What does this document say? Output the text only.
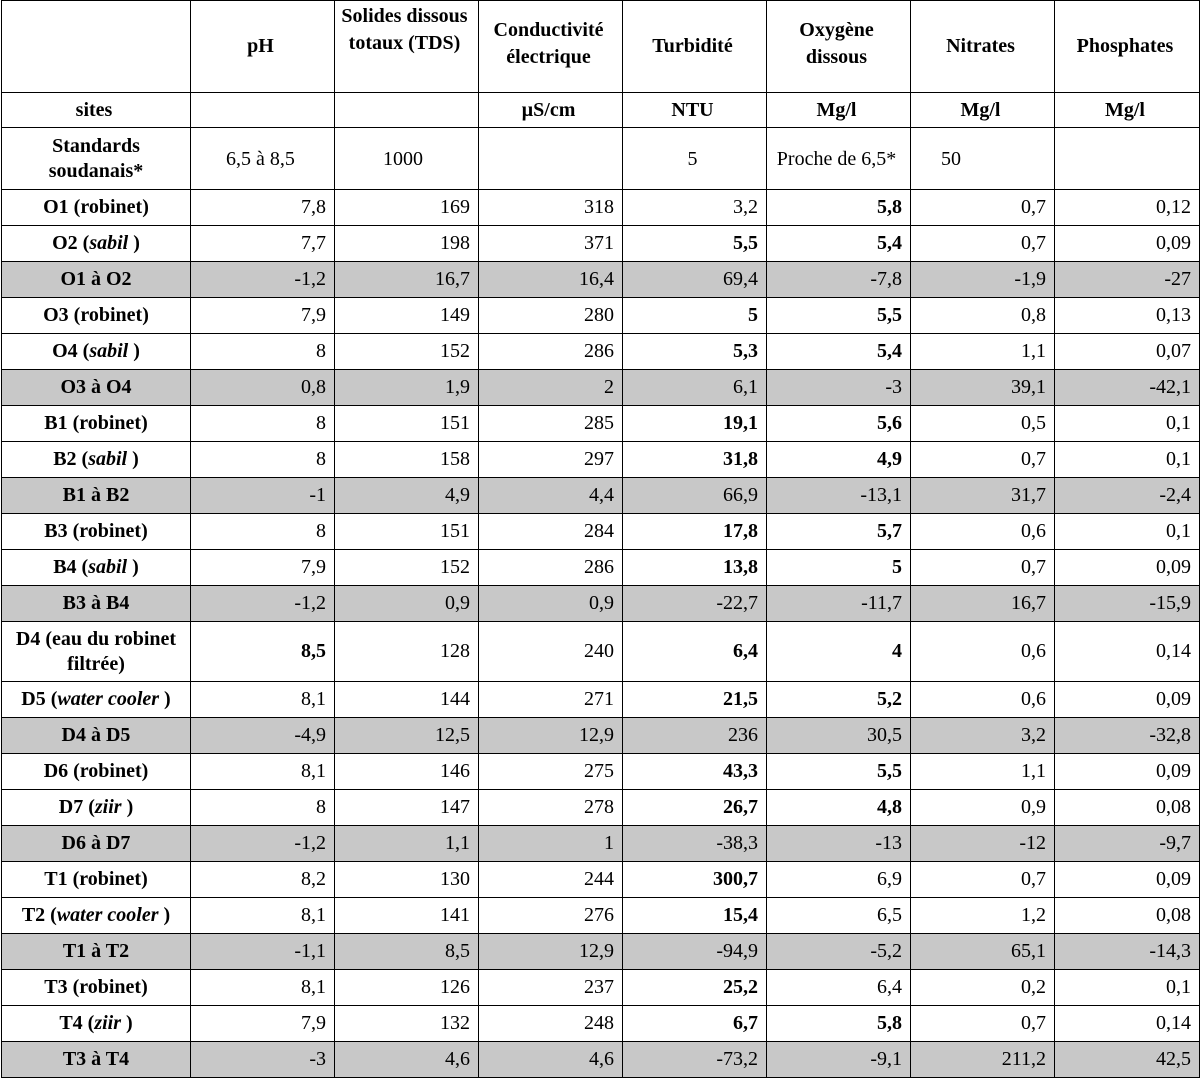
	pH	Solides dissous totaux (TDS)	Conductivité électrique	Turbidité	Oxygène dissous	Nitrates	Phosphates
sites			µS/cm	NTU	Mg/l	Mg/l	Mg/l
Standards soudanais*	6,5 à 8,5	1000		5	Proche de 6,5*	50	
O1 (robinet)	7,8	169	318	3,2	5,8	0,7	0,12
O2 (sabil )	7,7	198	371	5,5	5,4	0,7	0,09
O1 à O2	-1,2	16,7	16,4	69,4	-7,8	-1,9	-27
O3 (robinet)	7,9	149	280	5	5,5	0,8	0,13
O4 (sabil )	8	152	286	5,3	5,4	1,1	0,07
O3 à O4	0,8	1,9	2	6,1	-3	39,1	-42,1
B1 (robinet)	8	151	285	19,1	5,6	0,5	0,1
B2 (sabil )	8	158	297	31,8	4,9	0,7	0,1
B1 à B2	-1	4,9	4,4	66,9	-13,1	31,7	-2,4
B3 (robinet)	8	151	284	17,8	5,7	0,6	0,1
B4 (sabil )	7,9	152	286	13,8	5	0,7	0,09
B3 à B4	-1,2	0,9	0,9	-22,7	-11,7	16,7	-15,9
D4 (eau du robinet filtrée)	8,5	128	240	6,4	4	0,6	0,14
D5 (water cooler )	8,1	144	271	21,5	5,2	0,6	0,09
D4 à D5	-4,9	12,5	12,9	236	30,5	3,2	-32,8
D6 (robinet)	8,1	146	275	43,3	5,5	1,1	0,09
D7 (ziir )	8	147	278	26,7	4,8	0,9	0,08
D6 à D7	-1,2	1,1	1	-38,3	-13	-12	-9,7
T1 (robinet)	8,2	130	244	300,7	6,9	0,7	0,09
T2 (water cooler )	8,1	141	276	15,4	6,5	1,2	0,08
T1 à T2	-1,1	8,5	12,9	-94,9	-5,2	65,1	-14,3
T3 (robinet)	8,1	126	237	25,2	6,4	0,2	0,1
T4 (ziir )	7,9	132	248	6,7	5,8	0,7	0,14
T3 à T4	-3	4,6	4,6	-73,2	-9,1	211,2	42,5
